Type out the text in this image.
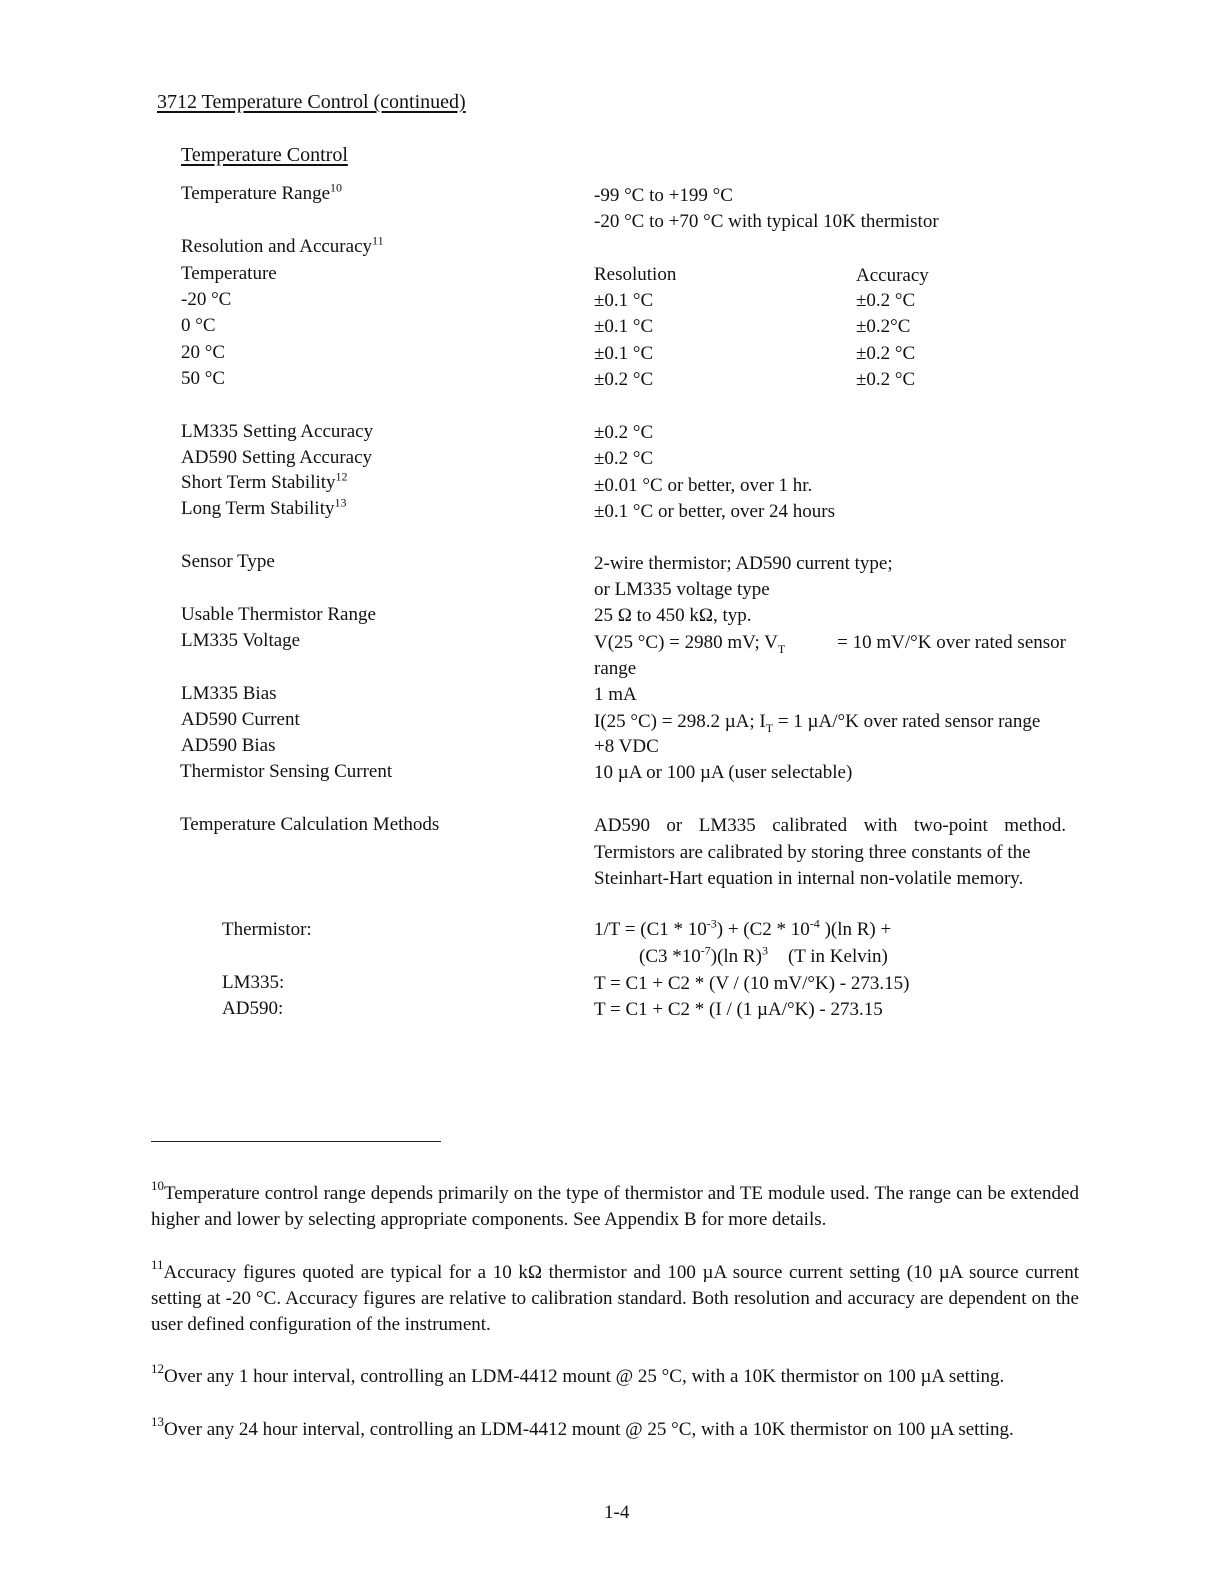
3712 Temperature Control (continued)
Temperature Control
Temperature Range$^{10}$	-99 °C to +199 °C
-20 °C to +70 °C with typical 10K thermistor
Resolution and Accuracy$^{11}$
Temperature	Resolution	Accuracy
-20 °C	±0.1 °C	±0.2 °C
0 °C	±0.1 °C	±0.2°C
20 °C	±0.1 °C	±0.2 °C
50 °C	±0.2 °C	±0.2 °C
LM335 Setting Accuracy	±0.2 °C
AD590 Setting Accuracy	±0.2 °C
Short Term Stability$^{12}$	±0.01 °C or better, over 1 hr.
Long Term Stability$^{13}$	±0.1 °C or better, over 24 hours
Sensor Type	2-wire thermistor; AD590 current type;
or LM335 voltage type
Usable Thermistor Range	25 Ω to 450 kΩ, typ.
LM335 Voltage	V(25 °C) = 2980 mV; V $_T$	= 10 mV/°K over rated sensor
range
LM335 Bias	1 mA
AD590 Current	I(25 °C) = 298.2 µA; $I_T = 1$ µA/°K over rated sensor range
AD590 Bias	+8 VDC
Thermistor Sensing Current	10 µA or 100 µA (user selectable)
Temperature Calculation Methods	AD590 or LM335 calibrated with two-point method.
Termistors are calibrated by storing three constants of the
Steinhart-Hart equation in internal non-volatile memory.
Thermistor:	$1/T = (C1 * 10^{-3}) + (C2 * 10^{-4}$ )(ln R) +
(C3 $*10^{-7})(\ln$ R)$^3$ (T in Kelvin)
LM335:	T = C1 + C2 * (V / (10 mV/°K) - 273.15)
AD590:	T = C1 + C2 * (I / (1 µA/°K) - 273.15
$^{10}$Temperature control range depends primarily on the type of thermistor and TE module used. The range can be extended higher and lower by selecting appropriate components. See Appendix B for more details.
$^{11}$Accuracy figures quoted are typical for a 10 kΩ thermistor and 100 µA source current setting (10 µA source current setting at -20 °C. Accuracy figures are relative to calibration standard. Both resolution and accuracy are dependent on the user defined configuration of the instrument.
$^{12}$Over any 1 hour interval, controlling an LDM-4412 mount @ 25 °C, with a 10K thermistor on 100 µA setting.
$^{13}$Over any 24 hour interval, controlling an LDM-4412 mount @ 25 °C, with a 10K thermistor on 100 µA setting.
1-4
